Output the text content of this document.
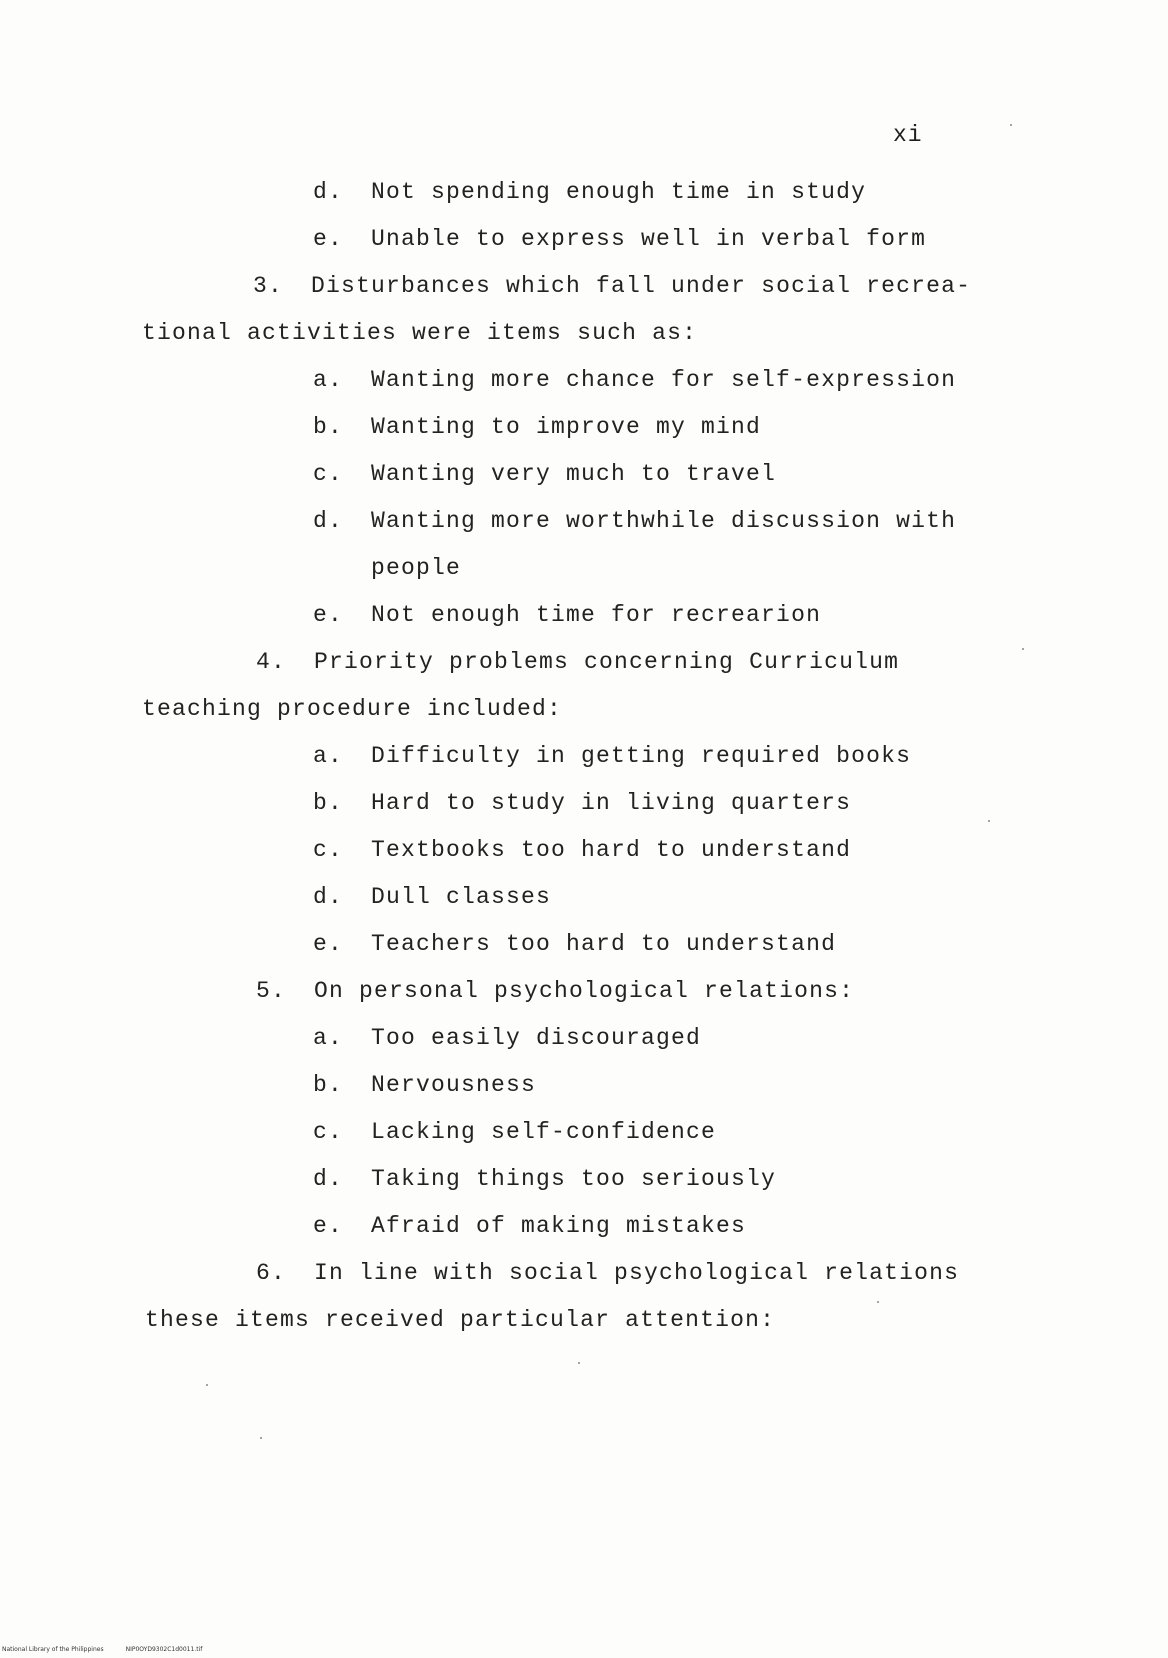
xi
d. Not spending enough time in study
e. Unable to express well in verbal form
3. Disturbances which fall under social recrea-
tional activities were items such as:
a. Wanting more chance for self-expression
b. Wanting to improve my mind
c. Wanting very much to travel
d. Wanting more worthwhile discussion with
people
e. Not enough time for recrearion
4. Priority problems concerning Curriculum
teaching procedure included:
a. Difficulty in getting required books
b. Hard to study in living quarters
c. Textbooks too hard to understand
d. Dull classes
e. Teachers too hard to understand
5. On personal psychological relations:
a. Too easily discouraged
b. Nervousness
c. Lacking self-confidence
d. Taking things too seriously
e. Afraid of making mistakes
6. In line with social psychological relations
these items received particular attention:
National Library of the Philippines	NIP0OYD9302C1d0011.tif
